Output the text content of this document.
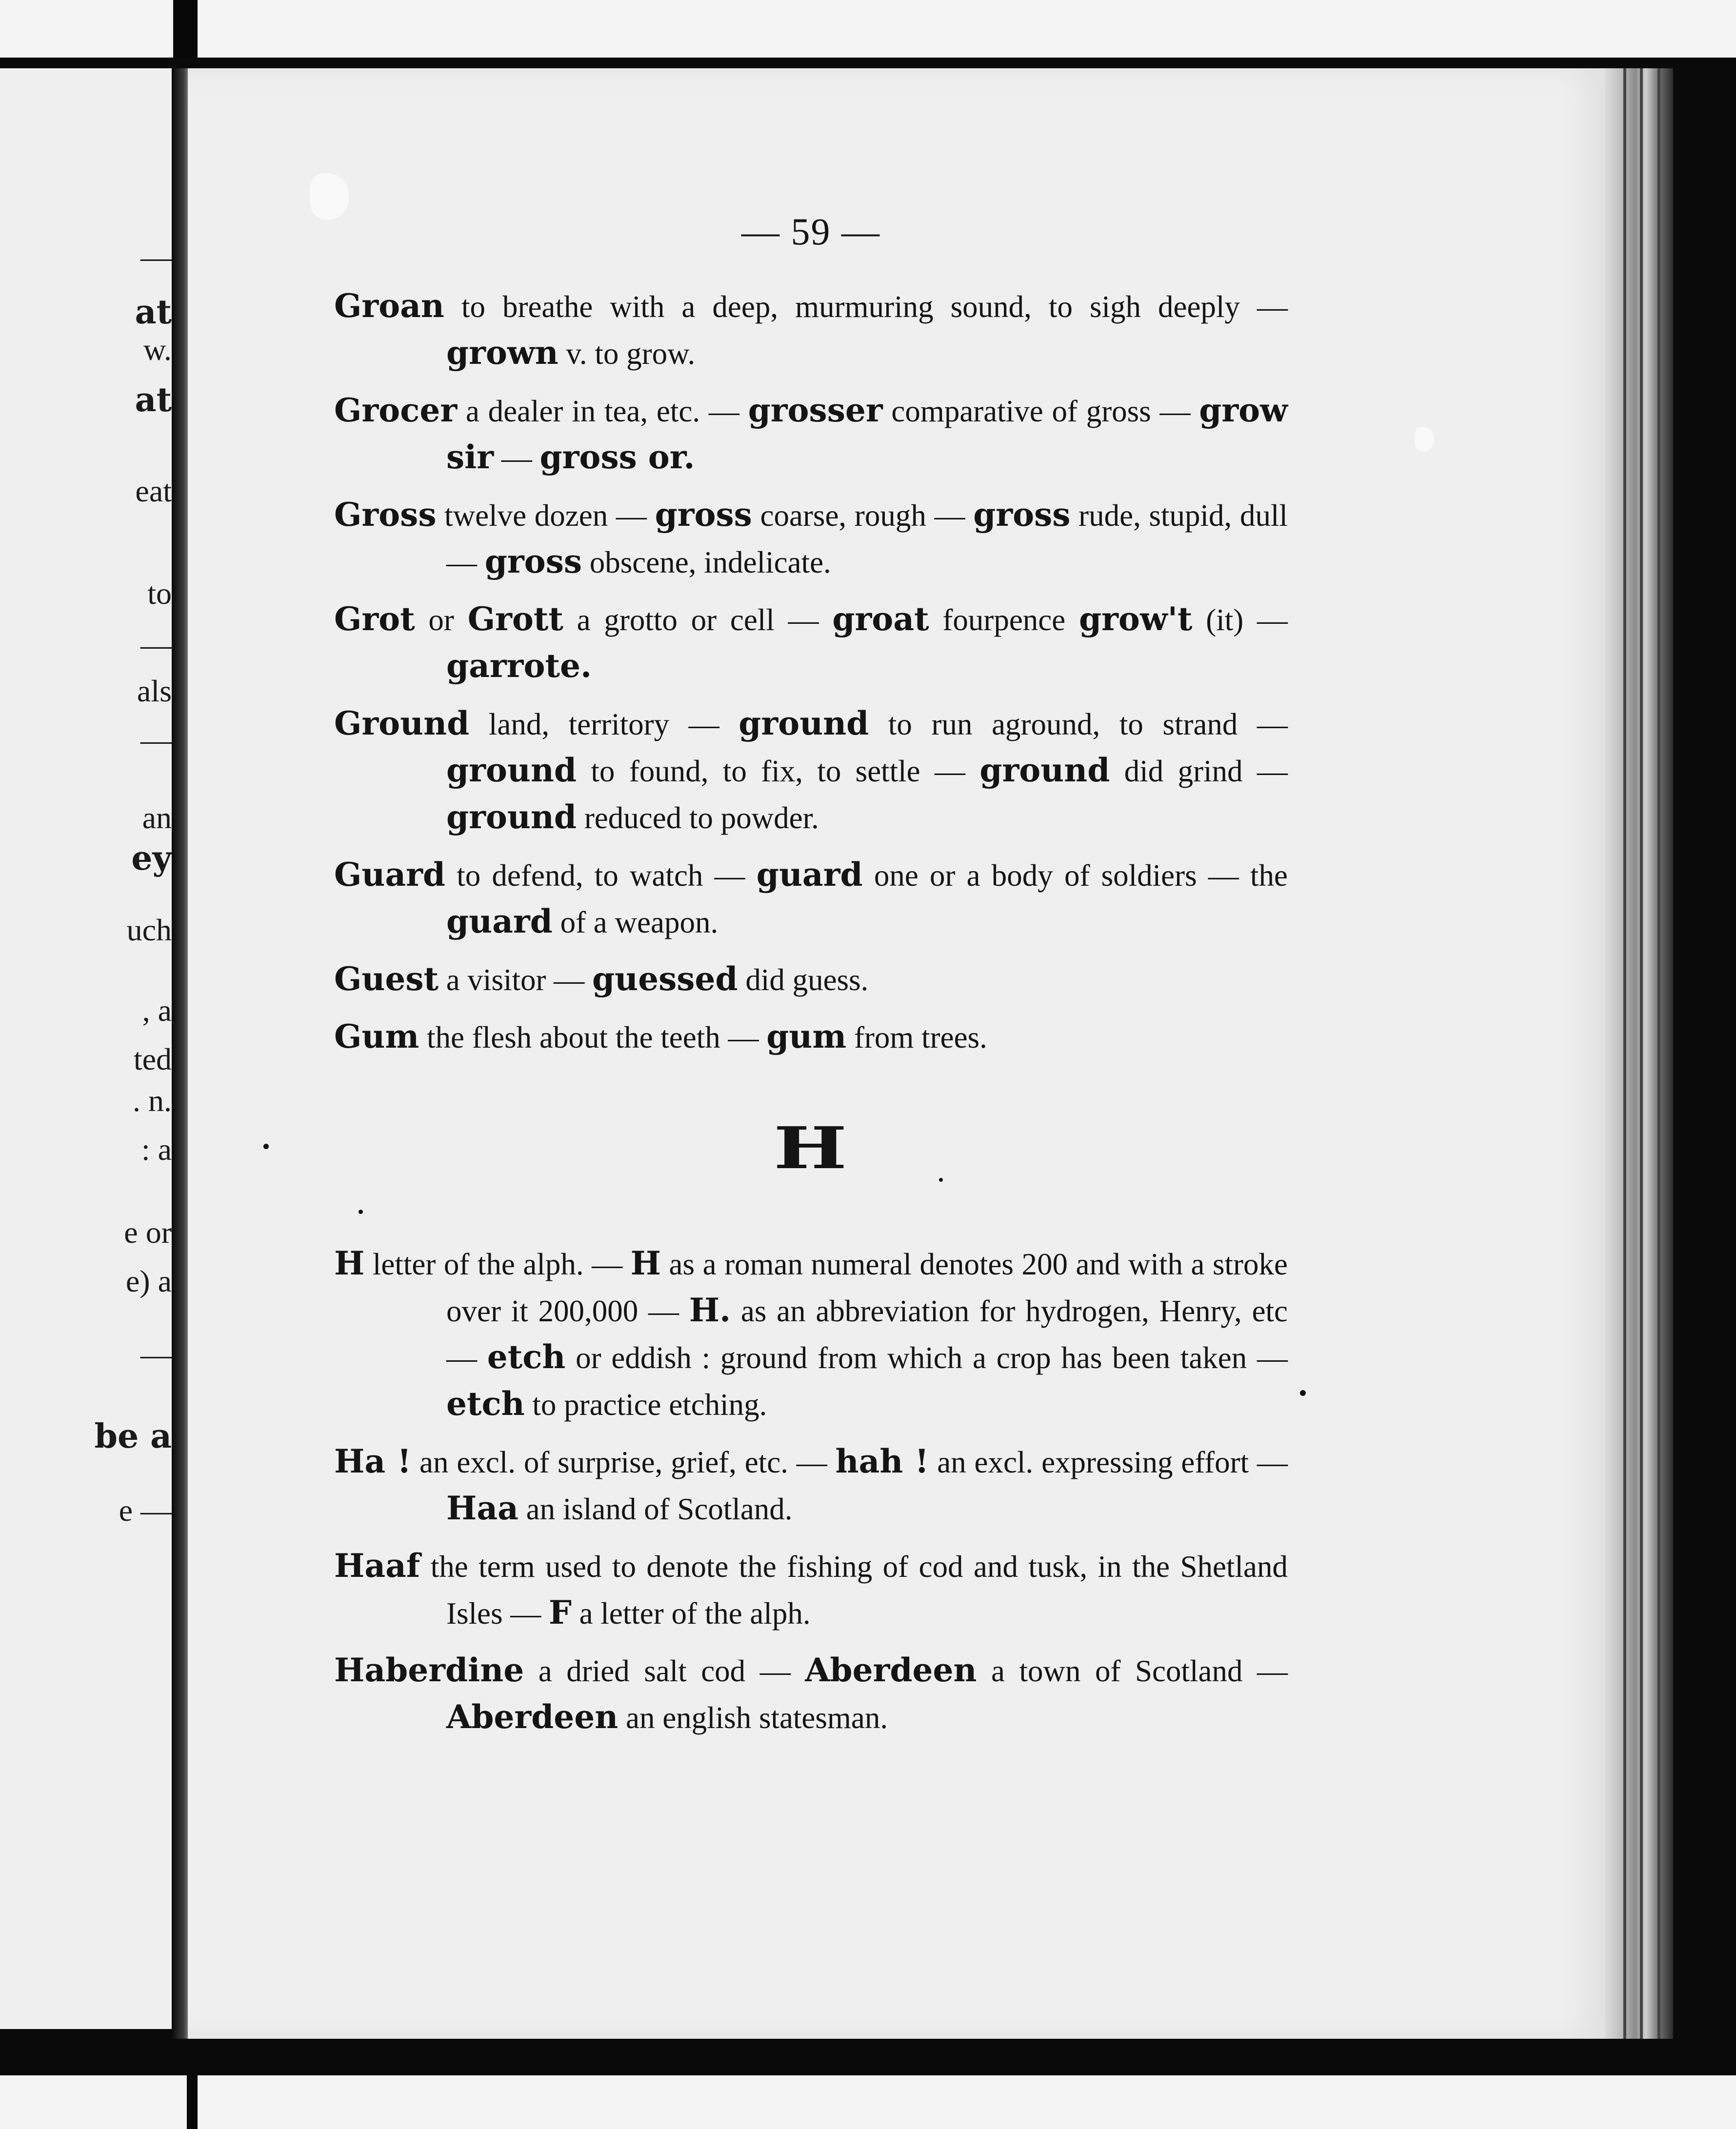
—
at
w.
at
eat
to
—
als
—
an
ey
uch
, a
ted
. n.
: a
e or
e) a
—
be a
e —
— 59 —
Groan to breathe with a deep, murmuring sound, to sigh deeply — grown v. to grow.
Grocer a dealer in tea, etc. — grosser comparative of gross — grow sir — gross or.
Gross twelve dozen — gross coarse, rough — gross rude, stupid, dull — gross obscene, indelicate.
Grot or Grott a grotto or cell — groat fourpence grow't (it) — garrote.
Ground land, territory — ground to run aground, to strand — ground to found, to fix, to settle — ground did grind —ground reduced to powder.
Guard to defend, to watch — guard one or a body of soldiers — the guard of a weapon.
Guest a visitor — guessed did guess.
Gum the flesh about the teeth — gum from trees.
H
H letter of the alph. — H as a roman numeral denotes 200 and with a stroke over it 200,000 — H. as an abbreviation for hydrogen, Henry, etc — etch or eddish : ground from which a crop has been taken — etch to practice etching.
Ha ! an excl. of surprise, grief, etc. — hah ! an excl. expressing effort — Haa an island of Scotland.
Haaf the term used to denote the fishing of cod and tusk, in the Shetland Isles — F a letter of the alph.
Haberdine a dried salt cod — Aberdeen a town of Scotland — Aberdeen an english statesman.
